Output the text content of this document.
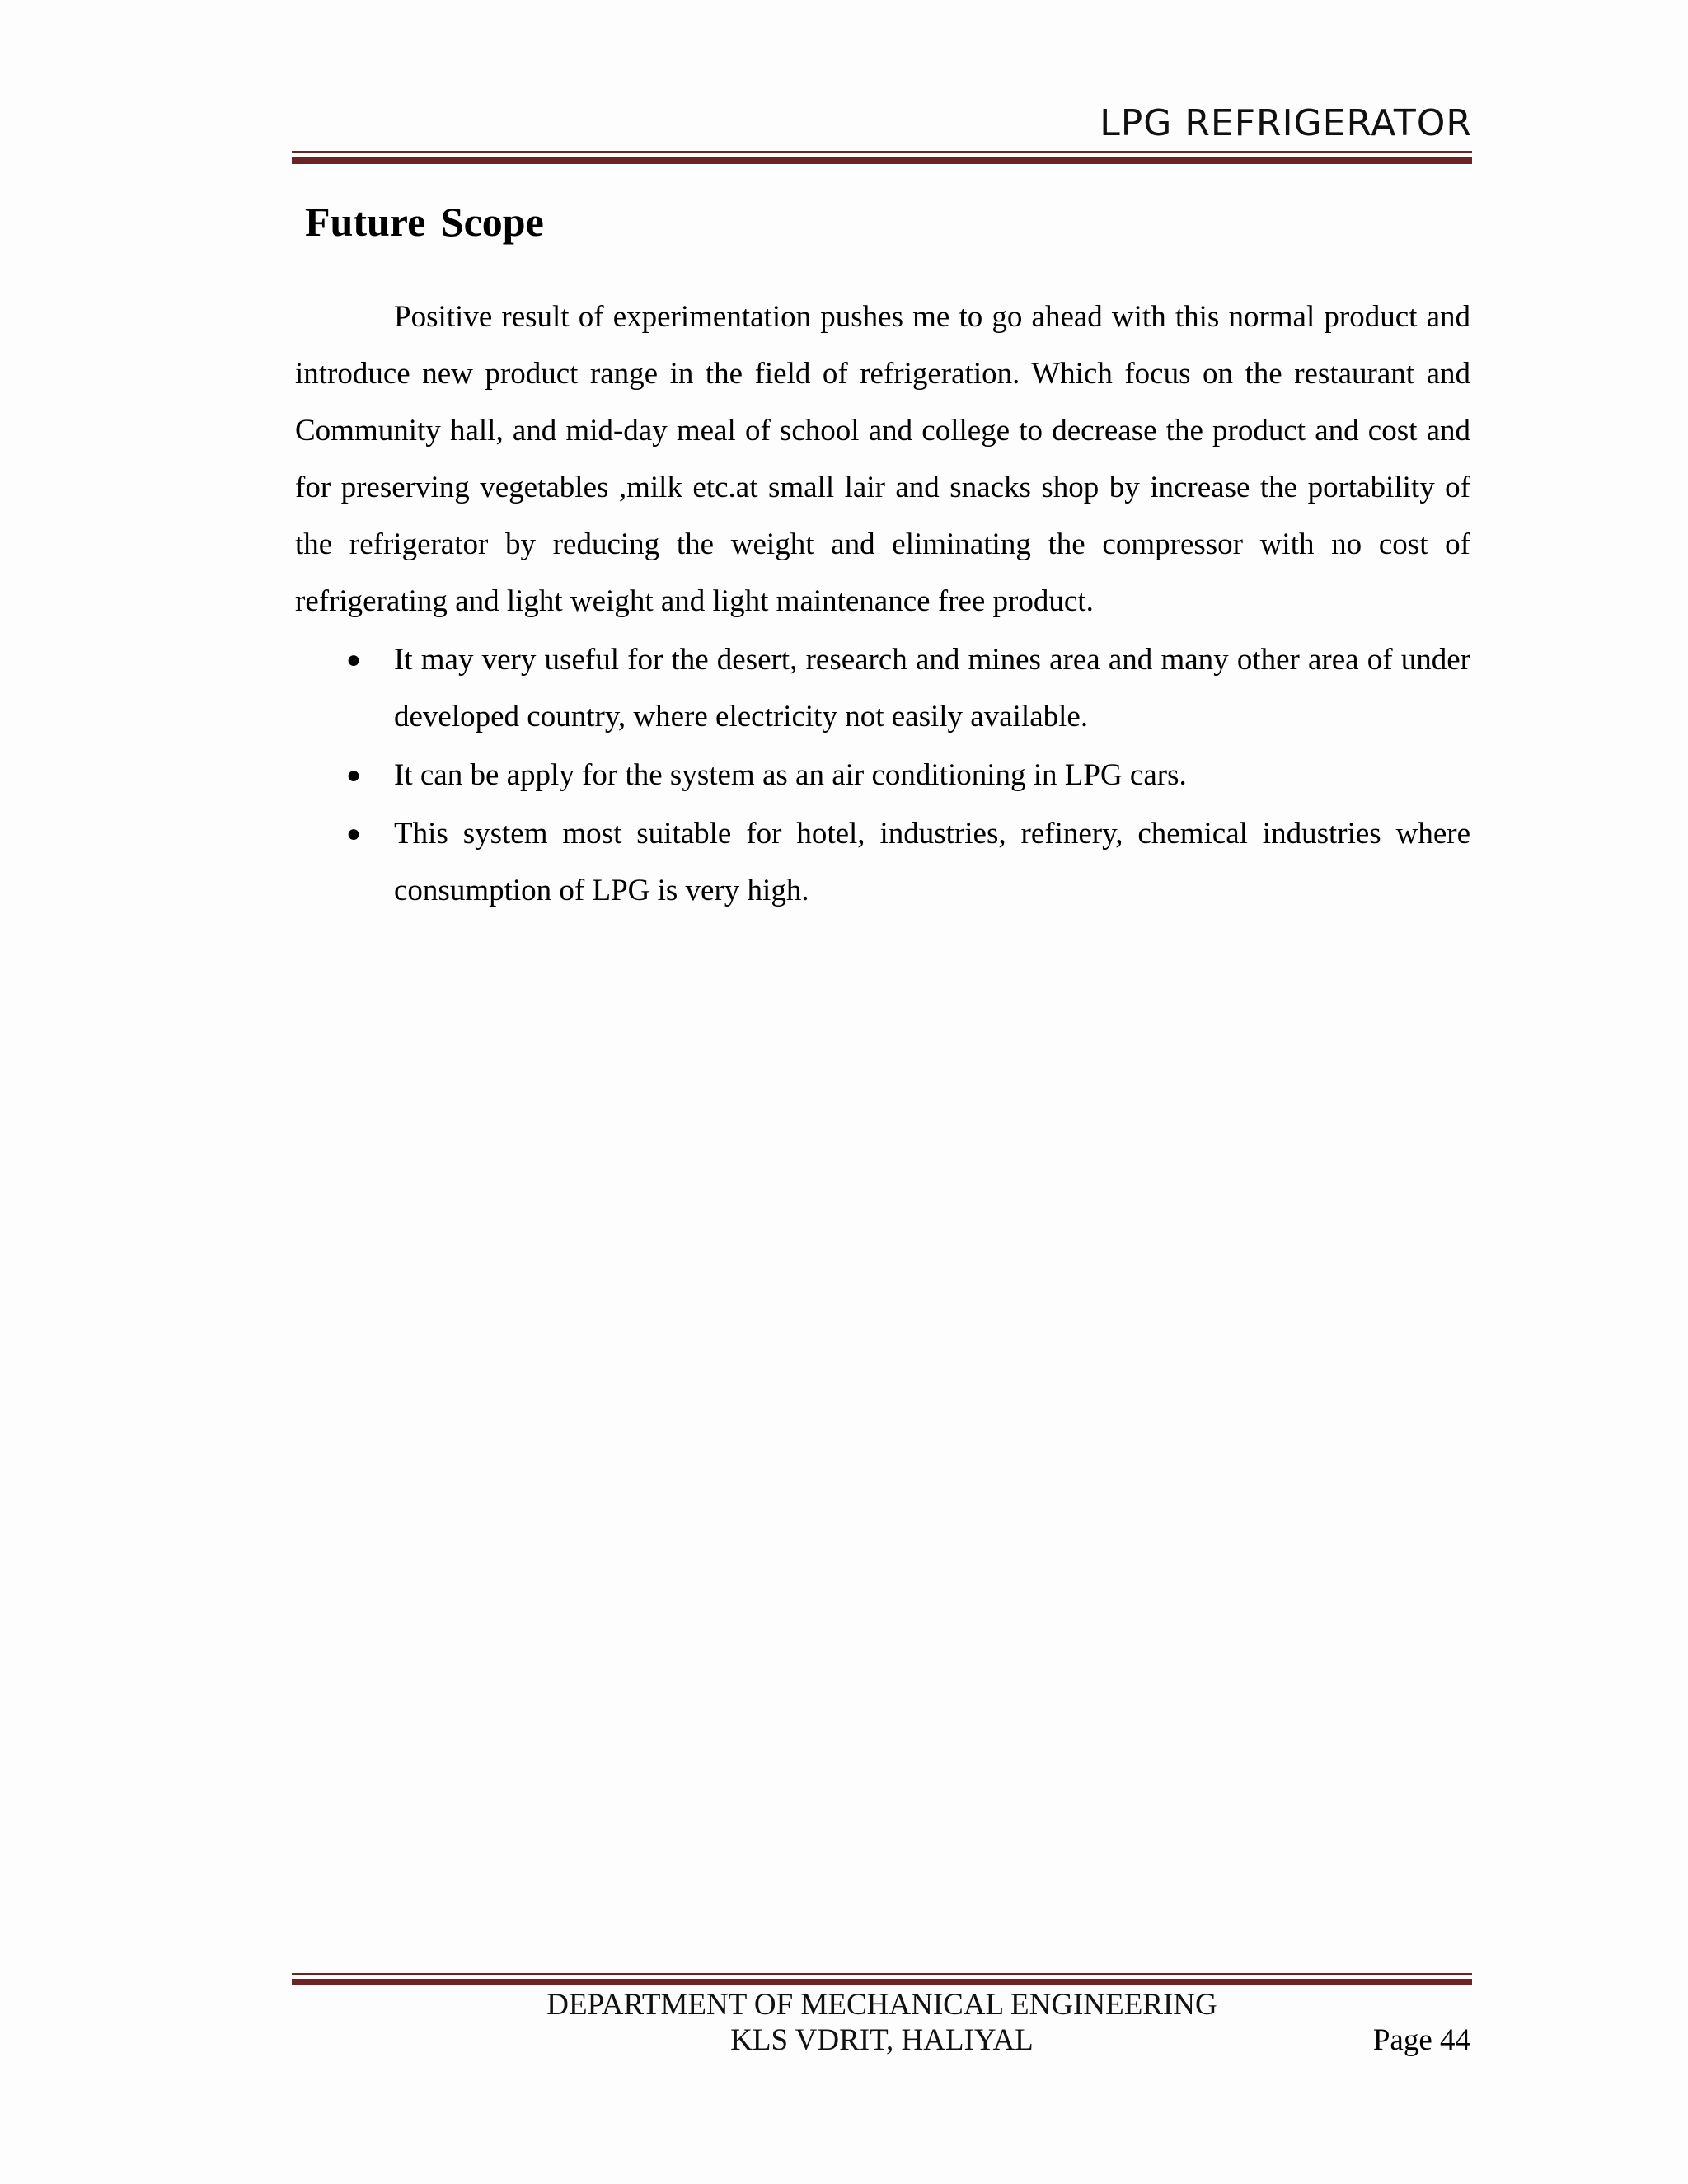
LPG REFRIGERATOR
Future Scope

Positive result of experimentation pushes me to go ahead with this normal product and introduce new product range in the field of refrigeration. Which focus on the restaurant and Community hall, and mid-day meal of school and college to decrease the product and cost and for preserving vegetables ,milk etc.at small lair and snacks shop by increase the portability of the refrigerator by reducing the weight and eliminating the compressor with no cost of refrigerating and light weight and light maintenance free product.

● It may very useful for the desert, research and mines area and many other area of under developed country, where electricity not easily available.
● It can be apply for the system as an air conditioning in LPG cars.
● This system most suitable for hotel, industries, refinery, chemical industries where consumption of LPG is very high.
DEPARTMENT OF MECHANICAL ENGINEERING
KLS VDRIT, HALIYAL	Page 44
